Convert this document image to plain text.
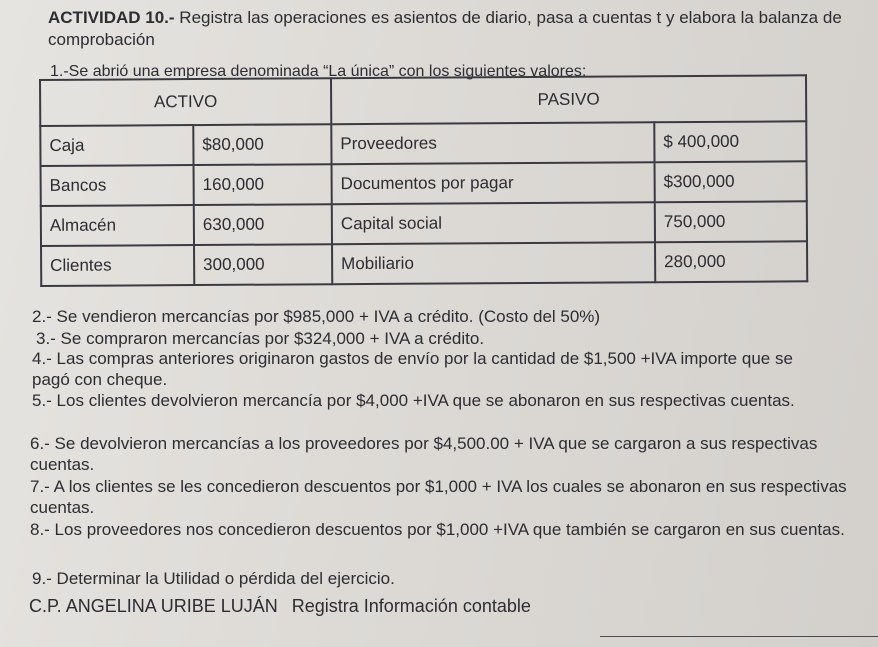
ACTIVIDAD 10.- Registra las operaciones es asientos de diario, pasa a cuentas t y elabora la balanza de comprobación
1.-Se abrió una empresa denominada “La única” con los siguientes valores:
ACTIVO		PASIVO	
Caja	$80,000	Proveedores	$ 400,000
Bancos	160,000	Documentos por pagar	$300,000
Almacén	630,000	Capital social	750,000
Clientes	300,000	Mobiliario	280,000

2.- Se vendieron mercancías por $985,000 + IVA a crédito. (Costo del 50%)

3.- Se compraron mercancías por $324,000 + IVA a crédito.

4.- Las compras anteriores originaron gastos de envío por la cantidad de $1,500 +IVA importe que se pagó con cheque.

5.- Los clientes devolvieron mercancía por $4,000 +IVA que se abonaron en sus respectivas cuentas.

6.- Se devolvieron mercancías a los proveedores por $4,500.00 + IVA que se cargaron a sus respectivas cuentas.

7.- A los clientes se les concedieron descuentos por $1,000 + IVA los cuales se abonaron en sus respectivas cuentas.

8.- Los proveedores nos concedieron descuentos por $1,000 +IVA que también se cargaron en sus cuentas.

9.- Determinar la Utilidad o pérdida del ejercicio.

C.P. ANGELINA URIBE LUJÁN Registra Información contable
